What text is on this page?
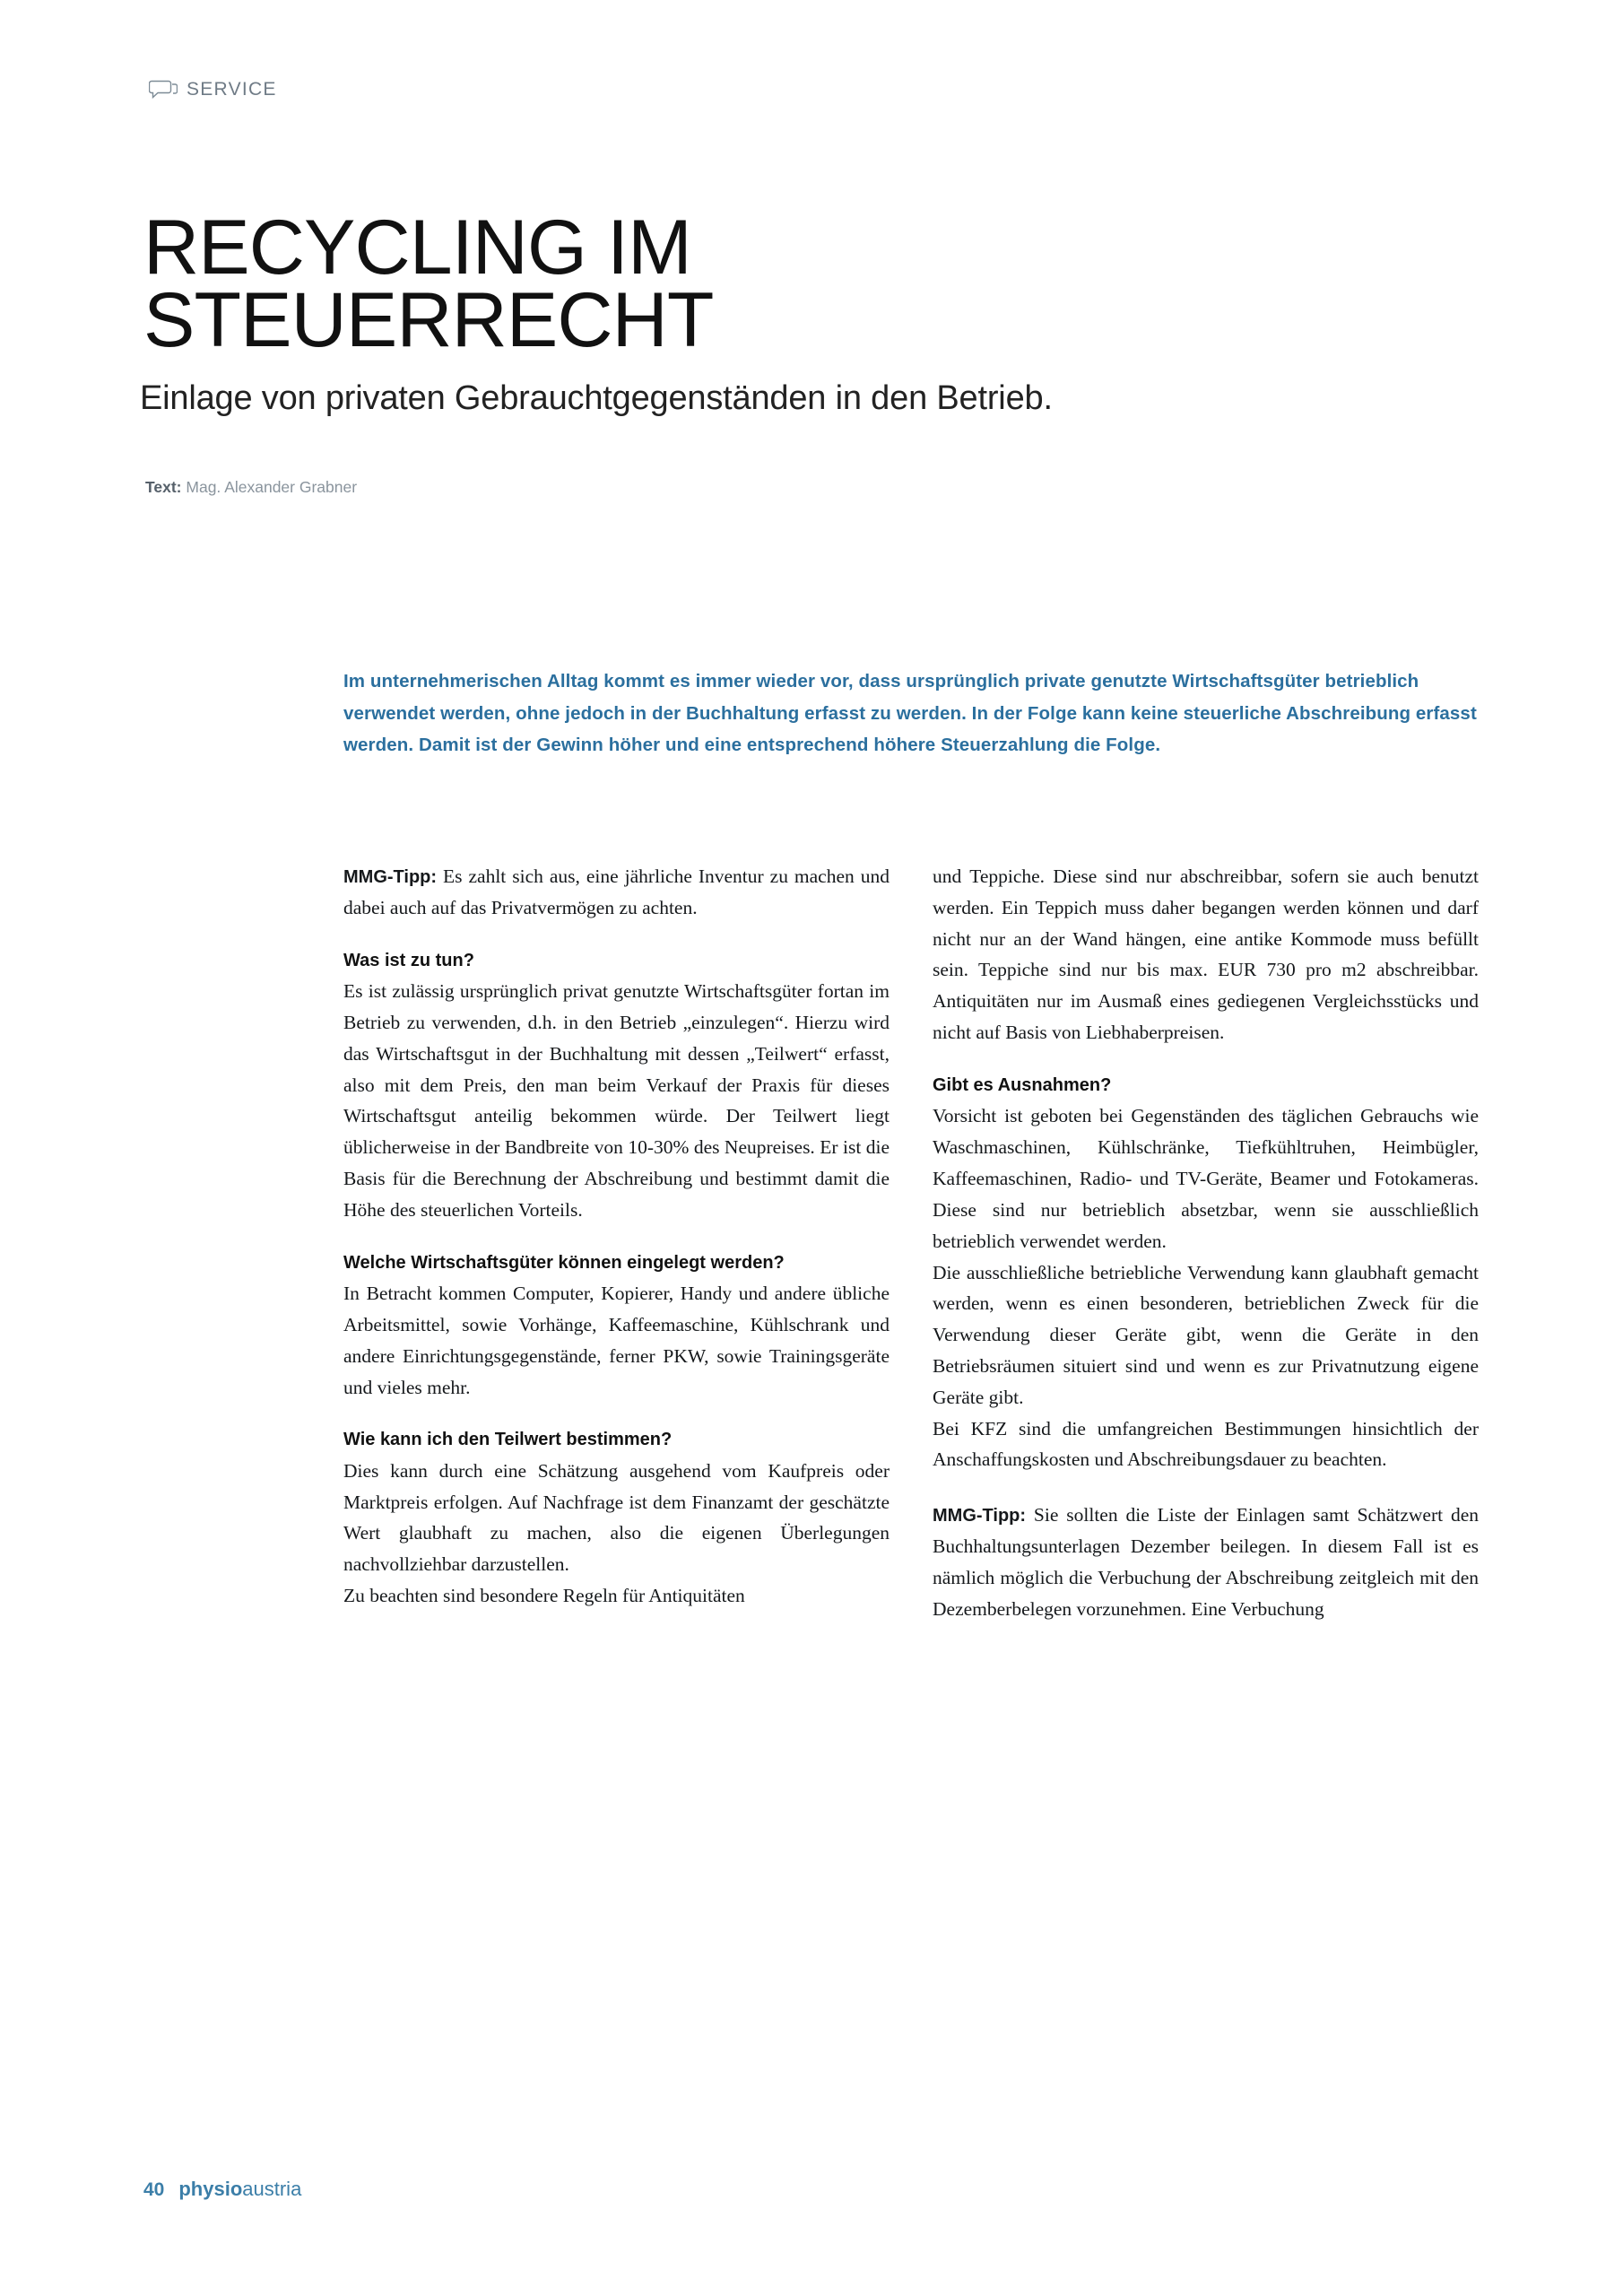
SERVICE
RECYCLING IM
STEUERRECHT
Einlage von privaten Gebrauchtgegenständen in den Betrieb.
Text: Mag. Alexander Grabner
Im unternehmerischen Alltag kommt es immer wieder vor, dass ursprünglich private genutzte Wirtschaftsgüter betrieblich verwendet werden, ohne jedoch in der Buchhaltung erfasst zu werden. In der Folge kann keine steuerliche Abschreibung erfasst werden. Damit ist der Gewinn höher und eine entsprechend höhere Steuerzahlung die Folge.

MMG-Tipp: Es zahlt sich aus, eine jährliche Inventur zu machen und dabei auch auf das Privatvermögen zu achten.

Was ist zu tun?

Es ist zulässig ursprünglich privat genutzte Wirtschaftsgüter fortan im Betrieb zu verwenden, d.h. in den Betrieb „einzulegen“. Hierzu wird das Wirtschaftsgut in der Buchhaltung mit dessen „Teilwert“ erfasst, also mit dem Preis, den man beim Verkauf der Praxis für dieses Wirtschaftsgut anteilig bekommen würde. Der Teilwert liegt üblicherweise in der Bandbreite von 10-30% des Neupreises. Er ist die Basis für die Berechnung der Abschreibung und bestimmt damit die Höhe des steuerlichen Vorteils.

Welche Wirtschaftsgüter können eingelegt werden?

In Betracht kommen Computer, Kopierer, Handy und andere übliche Arbeitsmittel, sowie Vorhänge, Kaffeemaschine, Kühlschrank und andere Einrichtungsgegenstände, ferner PKW, sowie Trainingsgeräte und vieles mehr.

Wie kann ich den Teilwert bestimmen?

Dies kann durch eine Schätzung ausgehend vom Kaufpreis oder Marktpreis erfolgen. Auf Nachfrage ist dem Finanzamt der geschätzte Wert glaubhaft zu machen, also die eigenen Überlegungen nachvollziehbar darzustellen.

Zu beachten sind besondere Regeln für Antiquitäten

und Teppiche. Diese sind nur abschreibbar, sofern sie auch benutzt werden. Ein Teppich muss daher begangen werden können und darf nicht nur an der Wand hängen, eine antike Kommode muss befüllt sein. Teppiche sind nur bis max. EUR 730 pro m2 abschreibbar. Antiquitäten nur im Ausmaß eines gediegenen Vergleichsstücks und nicht auf Basis von Liebhaberpreisen.

Gibt es Ausnahmen?

Vorsicht ist geboten bei Gegenständen des täglichen Gebrauchs wie Waschmaschinen, Kühlschränke, Tiefkühltruhen, Heimbügler, Kaffeemaschinen, Radio- und TV-Geräte, Beamer und Fotokameras. Diese sind nur betrieblich absetzbar, wenn sie ausschließlich betrieblich verwendet werden.

Die ausschließliche betriebliche Verwendung kann glaubhaft gemacht werden, wenn es einen besonderen, betrieblichen Zweck für die Verwendung dieser Geräte gibt, wenn die Geräte in den Betriebsräumen situiert sind und wenn es zur Privatnutzung eigene Geräte gibt.

Bei KFZ sind die umfangreichen Bestimmungen hinsichtlich der Anschaffungskosten und Abschreibungsdauer zu beachten.

MMG-Tipp: Sie sollten die Liste der Einlagen samt Schätzwert den Buchhaltungsunterlagen Dezember beilegen. In diesem Fall ist es nämlich möglich die Verbuchung der Abschreibung zeitgleich mit den Dezemberbelegen vorzunehmen. Eine Verbuchung

40 physioaustria
